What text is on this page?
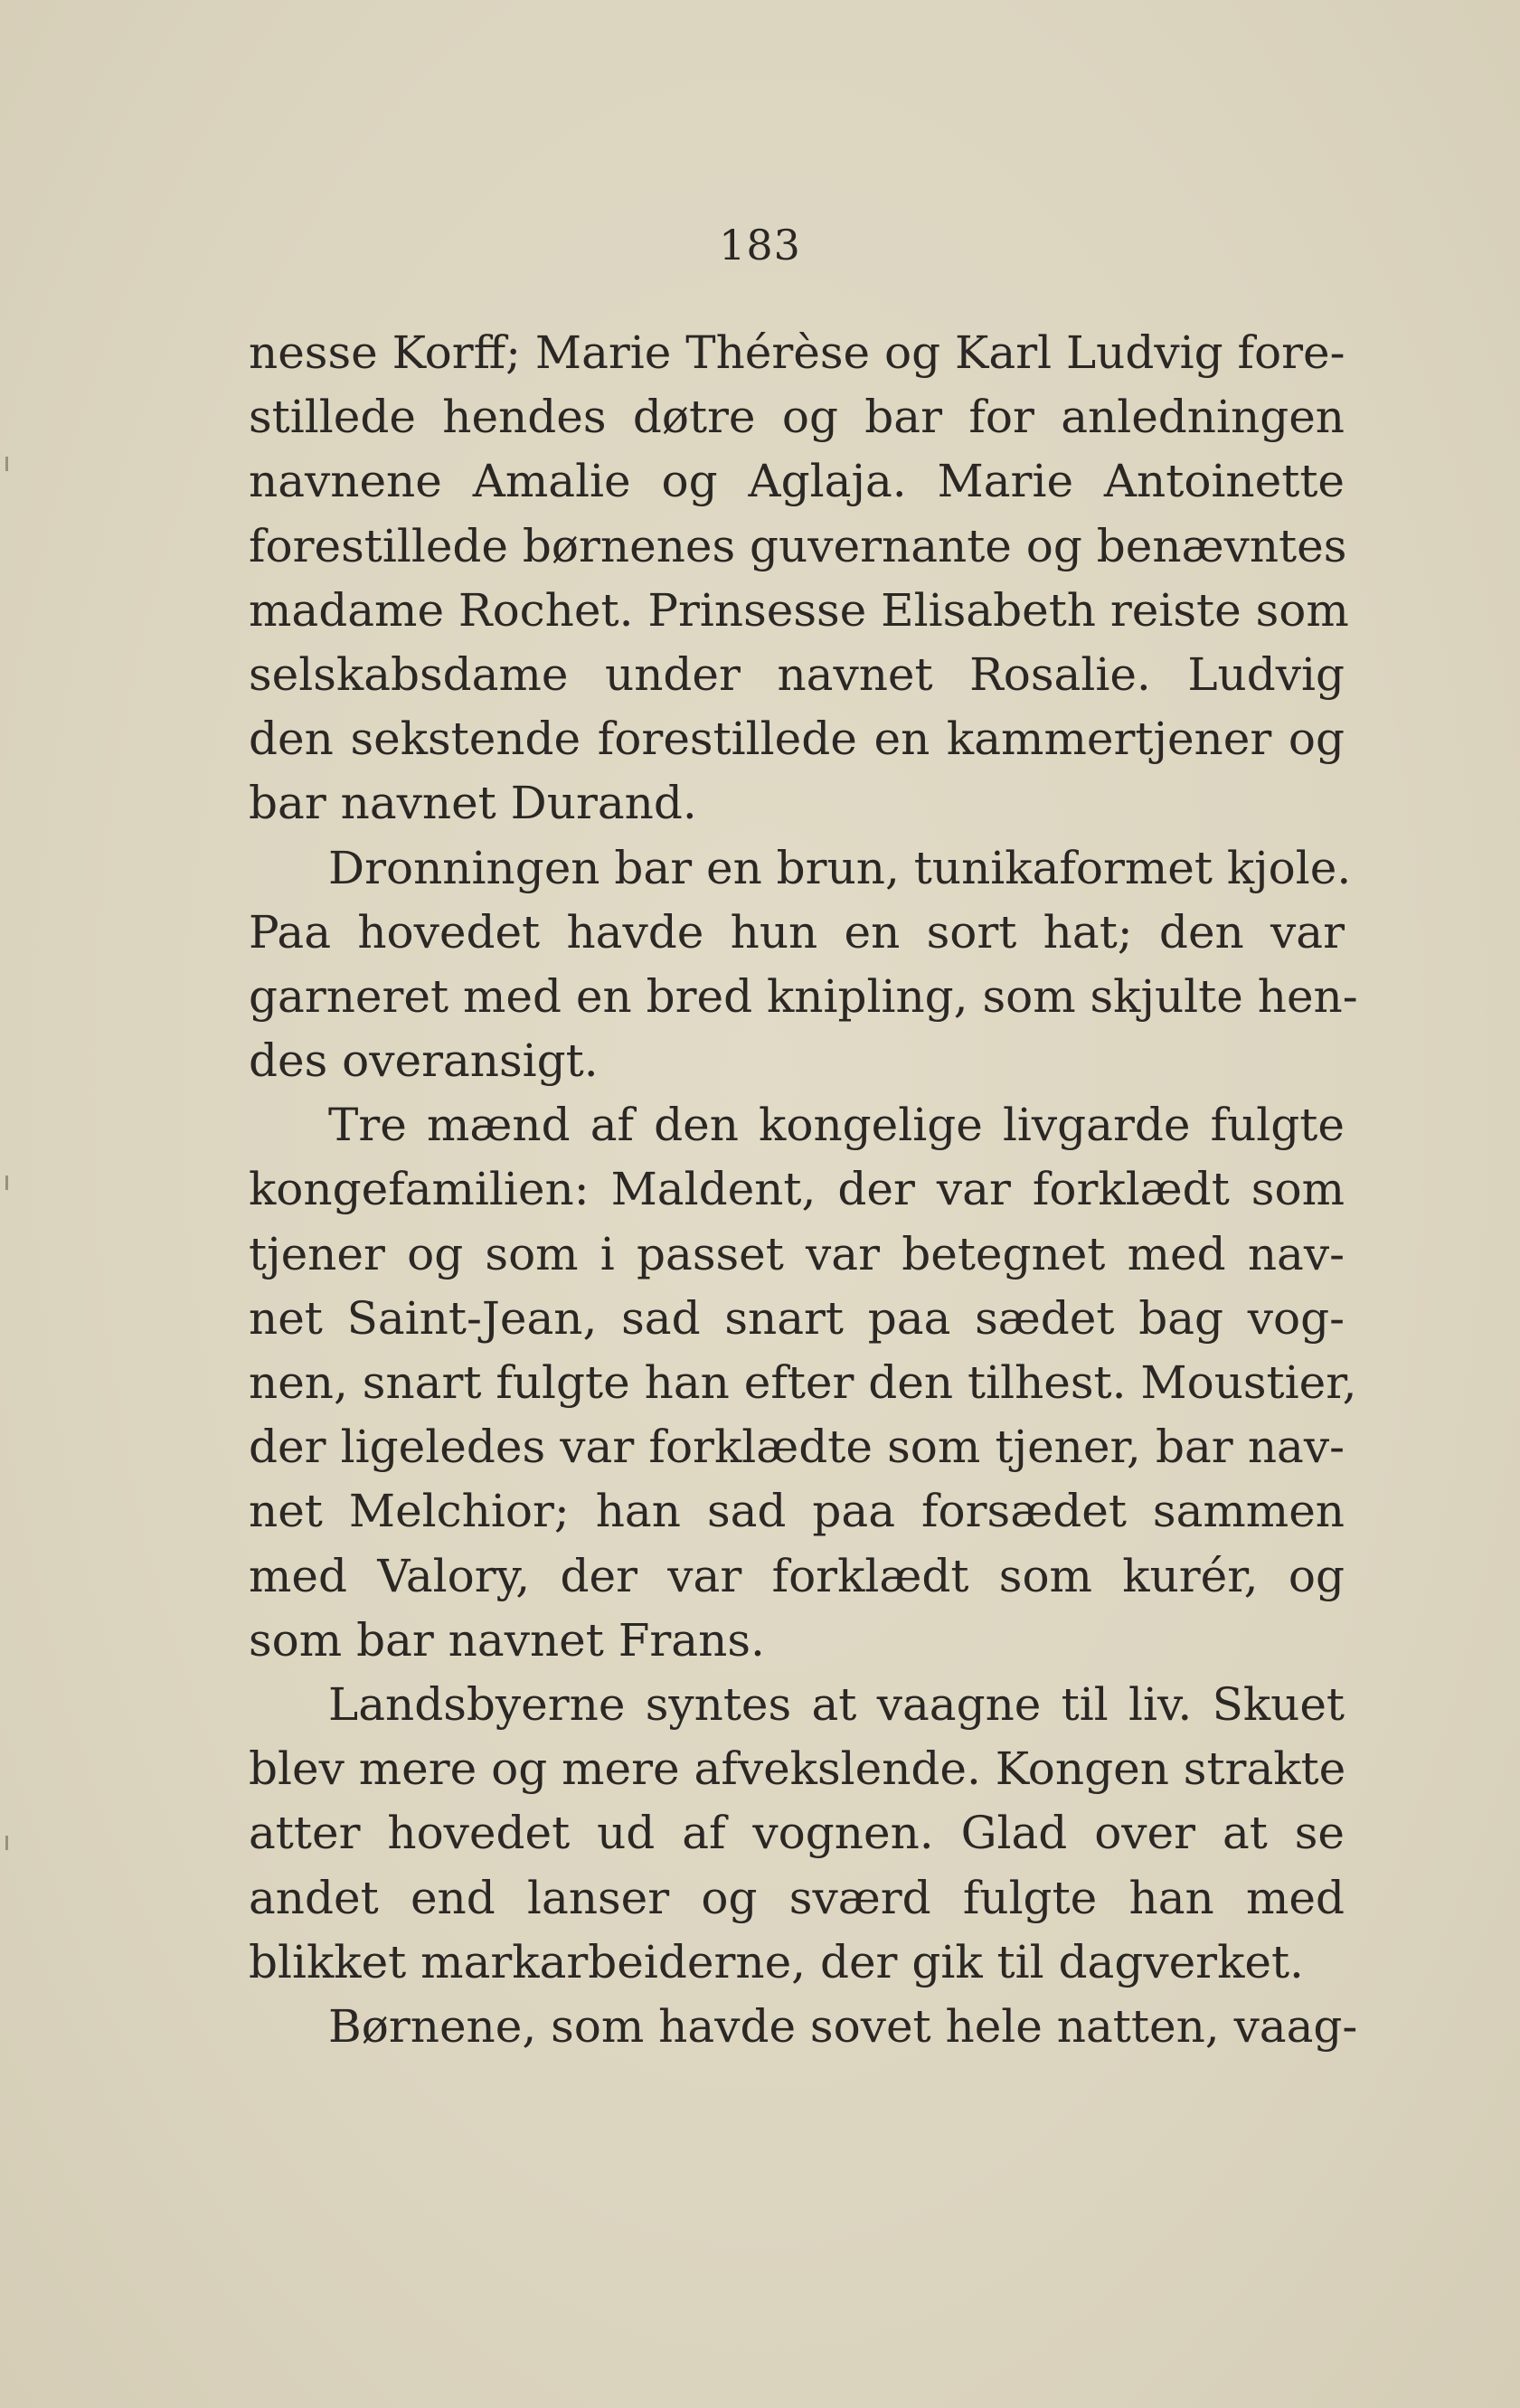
183
nesse Korff; Marie Thérèse og Karl Ludvig fore-
stillede hendes døtre og bar for anledningen
navnene Amalie og Aglaja. Marie Antoinette
forestillede børnenes guvernante og benævntes
madame Rochet. Prinsesse Elisabeth reiste som
selskabsdame under navnet Rosalie. Ludvig
den sekstende forestillede en kammertjener og
bar navnet Durand.
Dronningen bar en brun, tunikaformet kjole.
Paa hovedet havde hun en sort hat; den var
garneret med en bred knipling, som skjulte hen-
des overansigt.
Tre mænd af den kongelige livgarde fulgte
kongefamilien: Maldent, der var forklædt som
tjener og som i passet var betegnet med nav-
net Saint-Jean, sad snart paa sædet bag vog-
nen, snart fulgte han efter den tilhest. Moustier,
der ligeledes var forklædte som tjener, bar nav-
net Melchior; han sad paa forsædet sammen
med Valory, der var forklædt som kurér, og
som bar navnet Frans.
Landsbyerne syntes at vaagne til liv. Skuet
blev mere og mere afvekslende. Kongen strakte
atter hovedet ud af vognen. Glad over at se
andet end lanser og sværd fulgte han med
blikket markarbeiderne, der gik til dagverket.
Børnene, som havde sovet hele natten, vaag-
